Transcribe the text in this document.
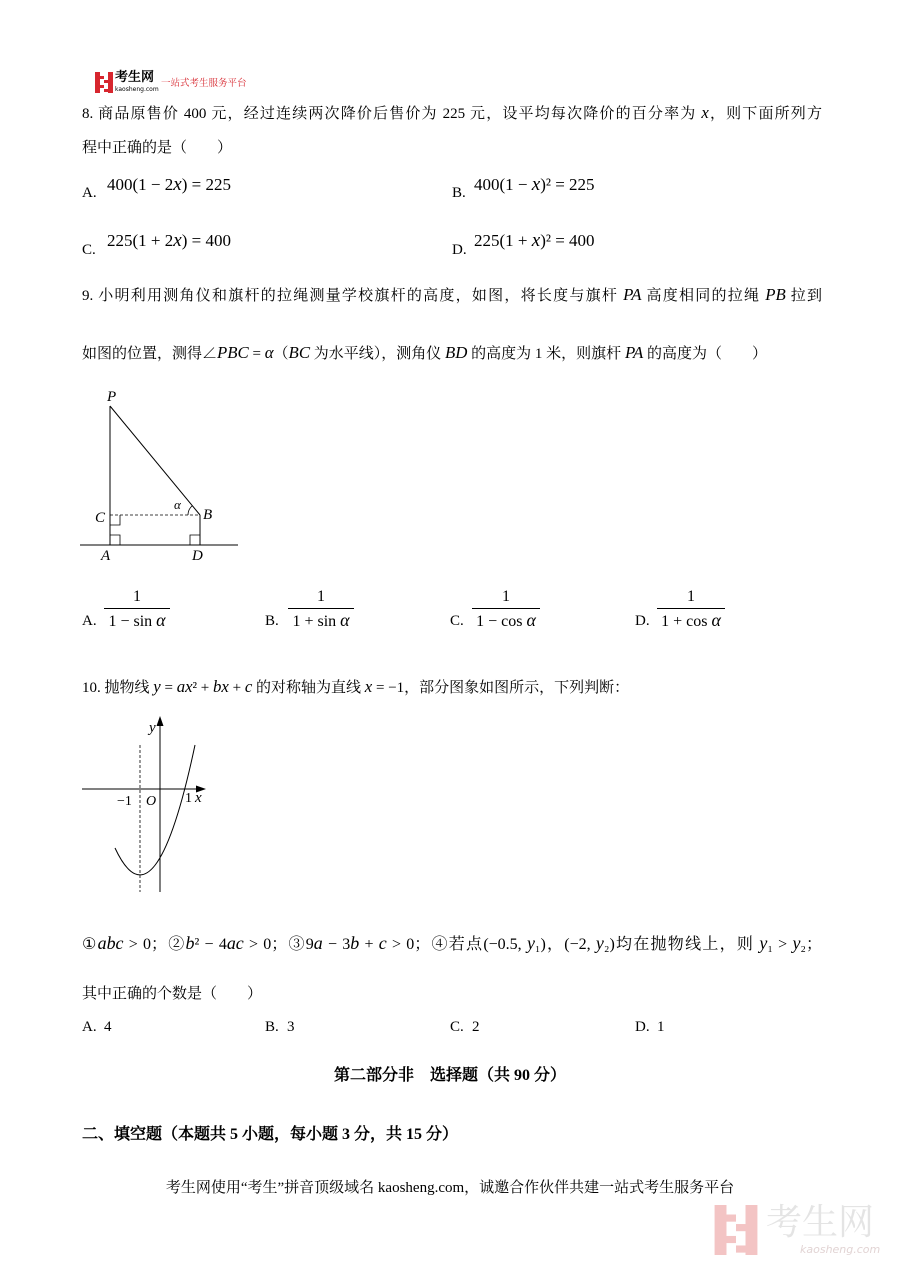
考生网
kaosheng.com
一站式考生服务平台
8. 商品原售价 400 元，经过连续两次降价后售价为 225 元，设平均每次降价的百分率为 x，则下面所列方
程中正确的是（　　）
A. 400(1 − 2x) = 225	B. 400(1 − x)² = 225
C. 225(1 + 2x) = 400	D. 225(1 + x)² = 400
9. 小明利用测角仪和旗杆的拉绳测量学校旗杆的高度，如图，将长度与旗杆 PA 高度相同的拉绳 PB 拉到
如图的位置，测得∠PBC = α（BC 为水平线），测角仪 BD 的高度为 1 米，则旗杆 PA 的高度为（　　）
P
C	B
A	D
α
A. $\frac{1}{\text{1 − sin α}}$	B. $\frac{1}{\text{1 + sin α}}$	C. $\frac{1}{\text{1 − cos α}}$	D. $\frac{1}{\text{1 + cos α}}$
10. 抛物线 y = ax² + bx + c 的对称轴为直线 x = −1，部分图象如图所示，下列判断：
y
x
−1 O 1
①abc > 0；②b² − 4ac > 0；③9a − 3b + c > 0；④若点(−0.5, y₁)，(−2, y₂)均在抛物线上，则 y₁ > y₂；
其中正确的个数是（　　）
A. 4	B. 3	C. 2	D. 1
第二部分非　选择题（共 90 分）
二、填空题（本题共 5 小题，每小题 3 分，共 15 分）
考生网使用“考生”拼音顶级域名 kaosheng.com，诚邀合作伙伴共建一站式考生服务平台
考生网
kaosheng.com
